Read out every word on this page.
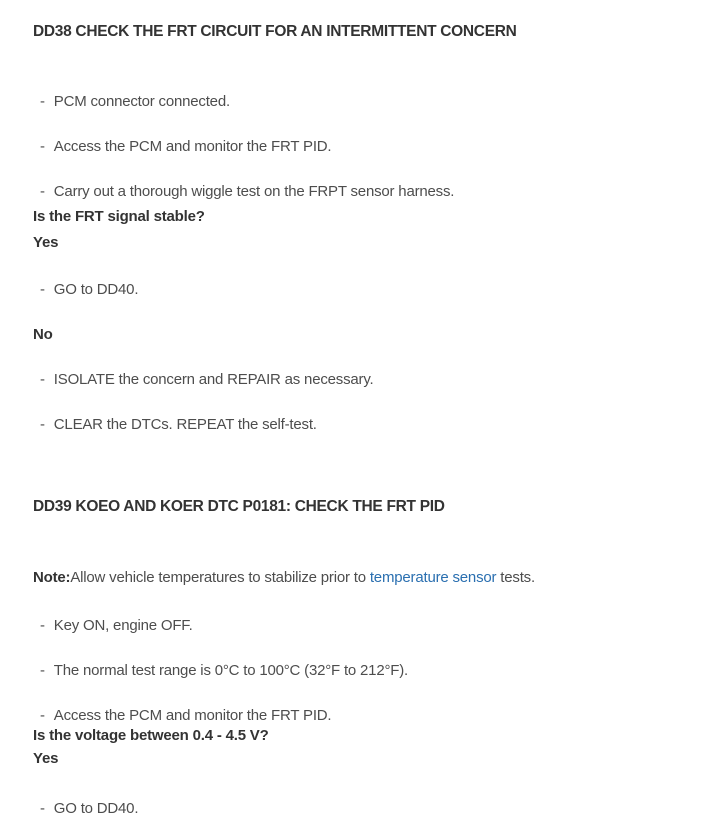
DD38 CHECK THE FRT CIRCUIT FOR AN INTERMITTENT CONCERN

- PCM connector connected.

- Access the PCM and monitor the FRT PID.

- Carry out a thorough wiggle test on the FRPT sensor harness.

Is the FRT signal stable?

Yes

- GO to DD40.

No

- ISOLATE the concern and REPAIR as necessary.

- CLEAR the DTCs. REPEAT the self-test.

DD39 KOEO AND KOER DTC P0181: CHECK THE FRT PID

Note:Allow vehicle temperatures to stabilize prior to temperature sensor tests.

- Key ON, engine OFF.

- The normal test range is 0°C to 100°C (32°F to 212°F).

- Access the PCM and monitor the FRT PID.

Is the voltage between 0.4 - 4.5 V?

Yes

- GO to DD40.
